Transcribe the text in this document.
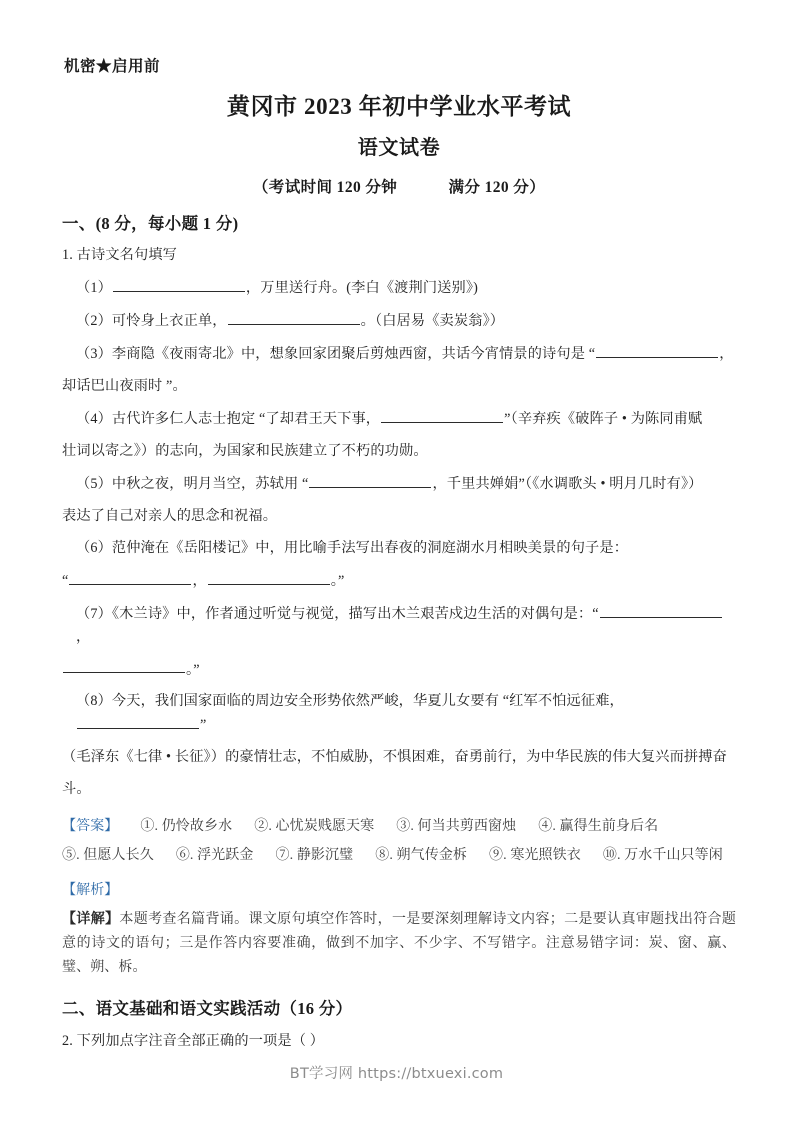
机密★启用前
黄冈市 2023 年初中学业水平考试
语文试卷
（考试时间 120 分钟            满分 120 分）
一、(8 分，每小题 1 分)

1. 古诗文名句填写

（1）	，万里送行舟。(李白《渡荆门送别》)

（2）可怜身上衣正单，	。（白居易《卖炭翁》）

（3）李商隐《夜雨寄北》中，想象回家团聚后剪烛西窗，共话今宵情景的诗句是 “	，

却话巴山夜雨时 ”。

（4）古代许多仁人志士抱定 “了却君王天下事，	”（辛弃疾《破阵子 • 为陈同甫赋

壮词以寄之》）的志向，为国家和民族建立了不朽的功勋。

（5）中秋之夜，明月当空，苏轼用 “	，千里共婵娟”（《水调歌头 • 明月几时有》）

表达了自己对亲人的思念和祝福。

（6）范仲淹在《岳阳楼记》中，用比喻手法写出春夜的洞庭湖水月相映美景的句子是：

“	，	。”

（7）《木兰诗》中，作者通过听觉与视觉，描写出木兰艰苦戍边生活的对偶句是：“，

。”

（8）今天，我们国家面临的周边安全形势依然严峻，华夏儿女要有 “红军不怕远征难，”

（毛泽东《七律 • 长征》）的豪情壮志，不怕威胁，不惧困难，奋勇前行，为中华民族的伟大复兴而拼搏奋

斗。

【答案】 ①. 仍怜故乡水 ②. 心忧炭贱愿天寒 ③. 何当共剪西窗烛 ④. 赢得生前身后名

⑤. 但愿人长久 ⑥. 浮光跃金 ⑦. 静影沉璧 ⑧. 朔气传金柝 ⑨. 寒光照铁衣 ⑩. 万水千山只等闲

【解析】

【详解】本题考查名篇背诵。课文原句填空作答时，一是要深刻理解诗文内容；二是要认真审题找出符合题意的诗文的语句；三是作答内容要准确，做到不加字、不少字、不写错字。注意易错字词：炭、窗、赢、璧、朔、柝。

二、语文基础和语文实践活动（16 分）

2. 下列加点字注音全部正确的一项是（ ）

BT学习网 https://btxuexi.com
